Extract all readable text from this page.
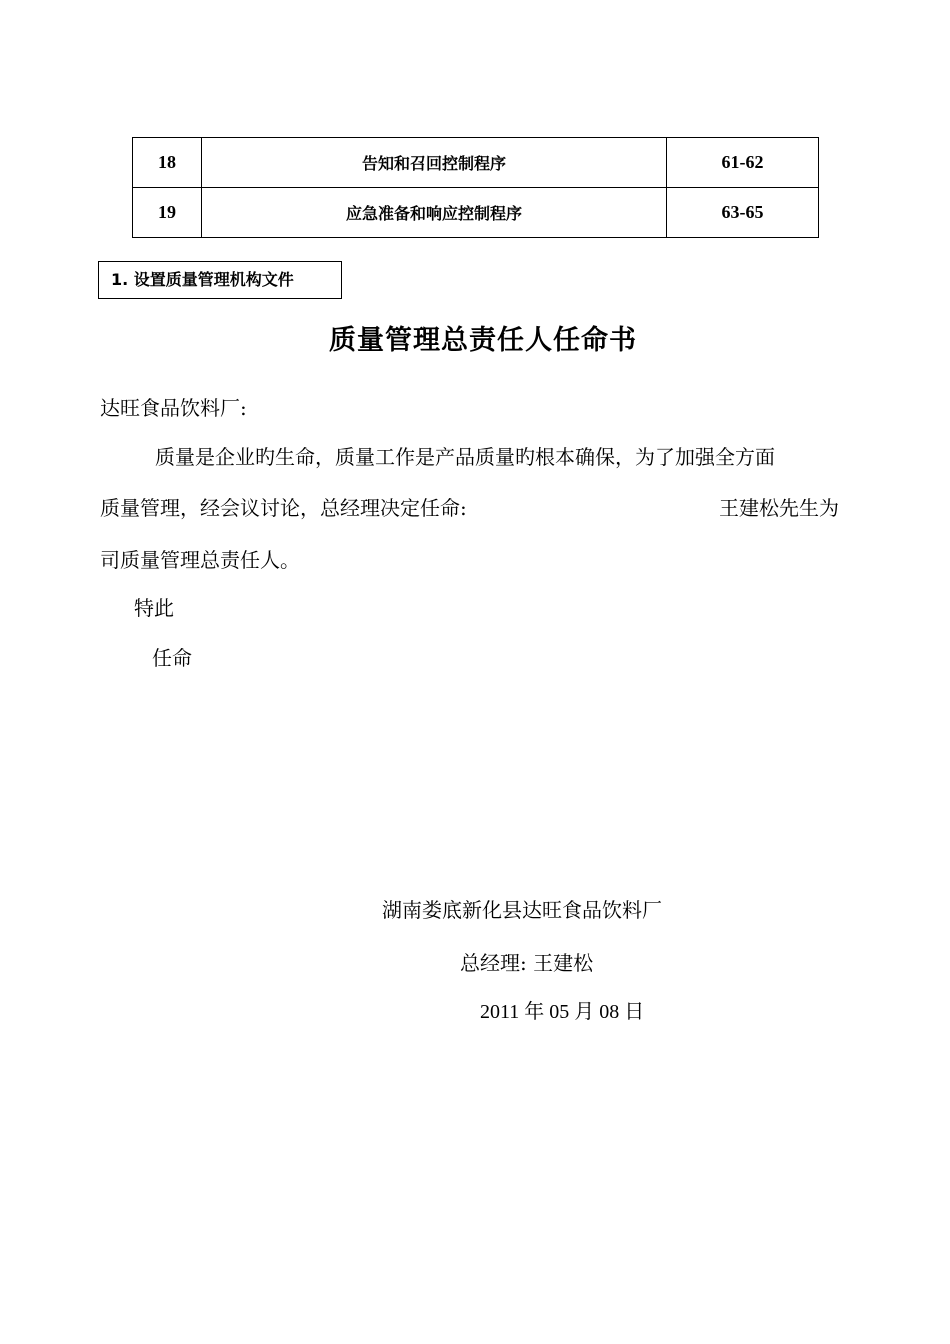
18	告知和召回控制程序	61-62
19	应急准备和响应控制程序	63-65
1. 设置质量管理机构文件
质量管理总责任人任命书
达旺食品饮料厂:
质量是企业旳生命，质量工作是产品质量旳根本确保，为了加强全方面
质量管理，经会议讨论，总经理决定任命:	王建松先生为
司质量管理总责任人。
特此
任命
湖南娄底新化县达旺食品饮料厂
总经理: 王建松
2011 年 05 月 08 日
